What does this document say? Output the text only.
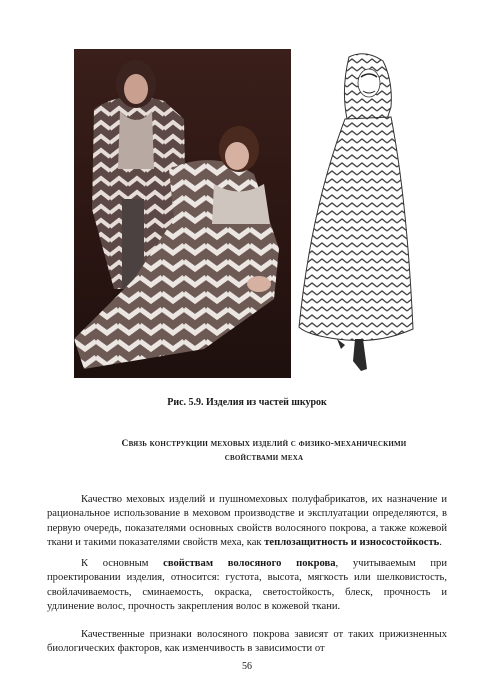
Рис. 5.9. Изделия из частей шкурок
Связь конструкции меховых изделий с физико-механическими
свойствами меха

Качество меховых изделий и пушномеховых полуфабрикатов, их назначение и рациональное использование в меховом производстве и эксплуатации определяются, в первую очередь, показателями основных свойств волосяного покрова, а также кожевой ткани и такими показателями свойств меха, как теплозащитность и износостойкость.

К основным свойствам волосяного покрова, учитываемым при проектировании изделия, относится: густота, высота, мягкость или шелковистость, свойлачиваемость, сминаемость, окраска, светостойкость, блеск, прочность и удлинение волос, прочность закрепления волос в кожевой ткани.

Качественные признаки волосяного покрова зависят от таких прижизненных биологических факторов, как изменчивость в зависимости от

56
